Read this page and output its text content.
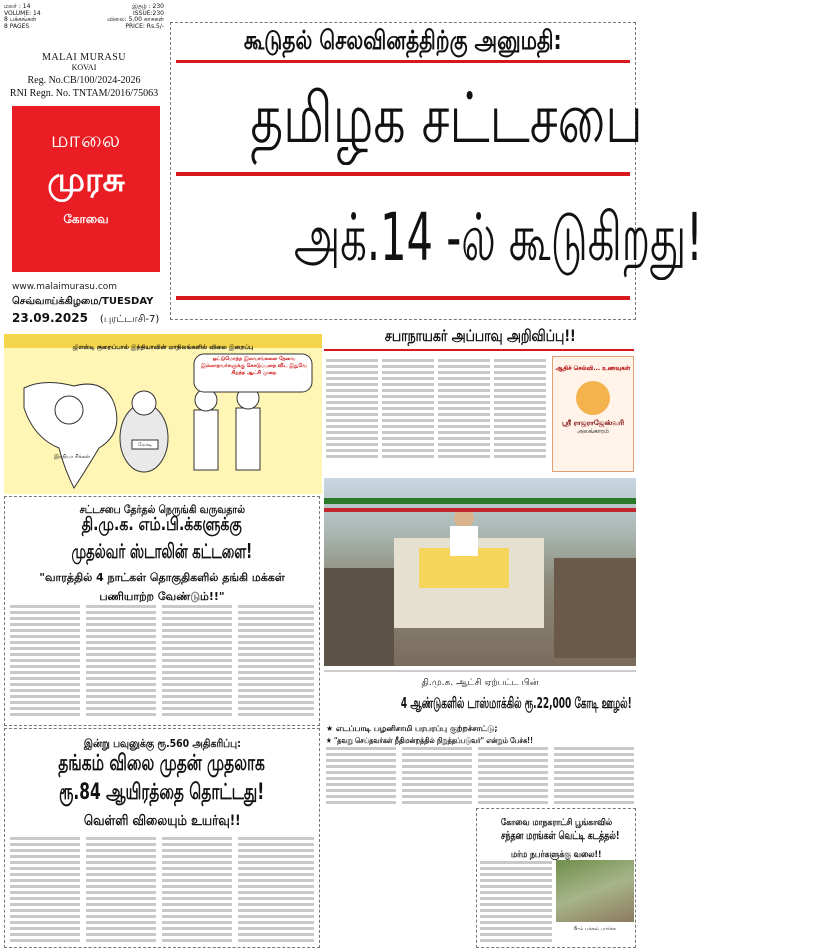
மலர் : 14	இதழ் : 230
VOLUME: 14	ISSUE:230
8 பக்கங்கள்	விலை: 5.00 காசுகள்
8 PAGES	PRICE: Rs.5/-
MALAI MURASU
KOVAI
Reg. No.CB/100/2024-2026
RNI Regn. No. TNTAM/2016/75063
மாலை
முரசு
கோவை
www.malaimurasu.com
செவ்வாய்க்கிழமை/TUESDAY
23.09.2025 (புரட்டாசி-7)
கூடுதல் செலவினத்திற்கு அனுமதி:
தமிழக சட்டசபை
அக்.14 -ல் கூடுகிறது!
ஜிஎஸ்டி குறைப்பால் இந்தியாவின் மாநிலங்களில் விலை இறைப்பு
ஒட்டுமொத்த இலவசங்களை தேவை இல்லாதவர்களுக்கு கொடுப்பதை விட இதுவே சிறந்த ஆட்சி முறை
இந்தியா சிக்கன்
மோடி
சபாநாயகர் அப்பாவு அறிவிப்பு!!
ஆதிச் செல்வி... உணவுகள்
ஸ்ரீ ராஜராஜேஸ்வரி
அலங்காரம்
தி.மு.க. ஆட்சி ஏற்பட்ட பின்
சட்டசபை தேர்தல் நெருங்கி வருவதால்
தி.மு.க. எம்.பி.க்களுக்கு
முதல்வர் ஸ்டாலின் கட்டளை!
"வாரத்தில் 4 நாட்கள் தொகுதிகளில் தங்கி மக்கள் பணியாற்ற வேண்டும்!!"
4 ஆண்டுகளில் டாஸ்மாக்கில் ரூ.22,000 கோடி ஊழல்!
★ எடப்பாடி பழனிசாமி பரபரப்பு குற்றச்சாட்டு;
★ "தவறு செய்தவர்கள் நீதிமன்றத்தில் நிறுத்தப்படுவர்" என்றும் பேச்சு!!
இன்று பவுனுக்கு ரூ.560 அதிகரிப்பு:
தங்கம் விலை முதன் முதலாக
ரூ.84 ஆயிரத்தை தொட்டது!
வெள்ளி விலையும் உயர்வு!!	கோவை மாநகராட்சி பூங்காவில்
சந்தன மரங்கள் வெட்டி கடத்தல்!
மர்ம நபர்களுக்கு வலை!!
6-ம் பக்கம் பார்க்க
